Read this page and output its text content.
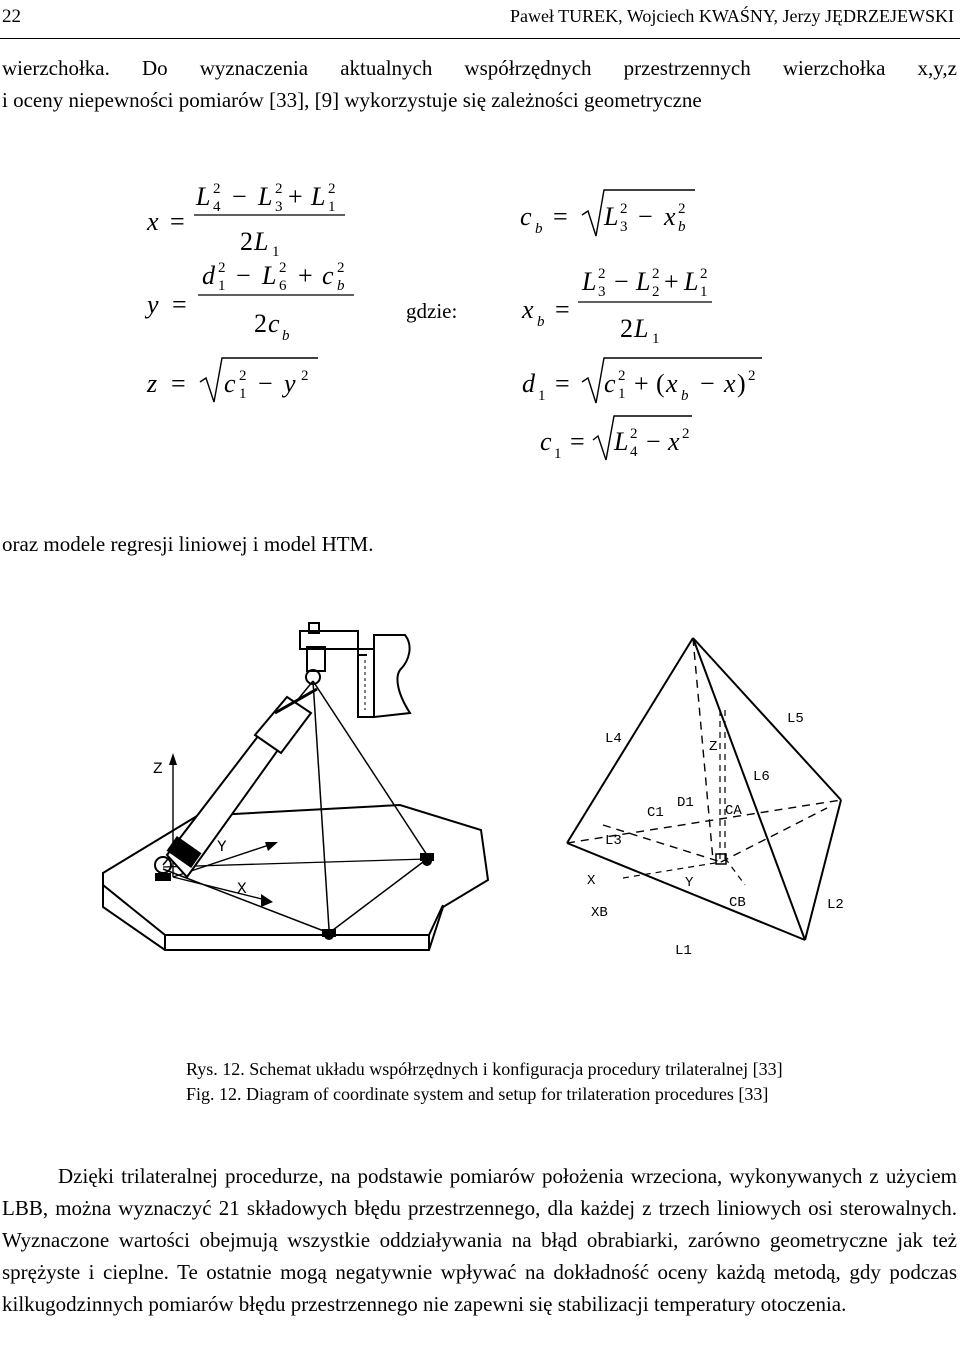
22	Paweł TUREK, Wojciech KWAŚNY, Jerzy JĘDRZEJEWSKI
wierzchołka. Do wyznaczenia aktualnych współrzędnych przestrzennych wierzchołka x,y,z
i oceny niepewności pomiarów [33], [9] wykorzystuje się zależności geometryczne
x =
L 2
4 − L 2
3 + L 2
1
2 L 1
y =
d 2
1 − L 2
6 + c 2
b
2 c b
z = c 2
1 − y 2
gdzie:
c b = L 2
3 − x 2
b
x b =
L 2
3 − L 2
2 + L 2
1
2 L 1
d 1 = c 2
1 + ( x b − x ) 2
c 1 = L 2
4 − x 2
oraz modele regresji liniowej i model HTM.
Z
Y
X
L4
L5
L6
Z
D1
C1	CA
L3
X	Y
XB
CB	L2
L1
Rys. 12. Schemat układu współrzędnych i konfiguracja procedury trilateralnej [33]
Fig. 12. Diagram of coordinate system and setup for trilateration procedures [33]
Dzięki trilateralnej procedurze, na podstawie pomiarów położenia wrzeciona, wykonywanych z użyciem LBB, można wyznaczyć 21 składowych błędu przestrzennego, dla każdej z trzech liniowych osi sterowalnych. Wyznaczone wartości obejmują wszystkie oddziaływania na błąd obrabiarki, zarówno geometryczne jak też sprężyste i cieplne. Te ostatnie mogą negatywnie wpływać na dokładność oceny każdą metodą, gdy podczas kilkugodzinnych pomiarów błędu przestrzennego nie zapewni się stabilizacji temperatury otoczenia.
